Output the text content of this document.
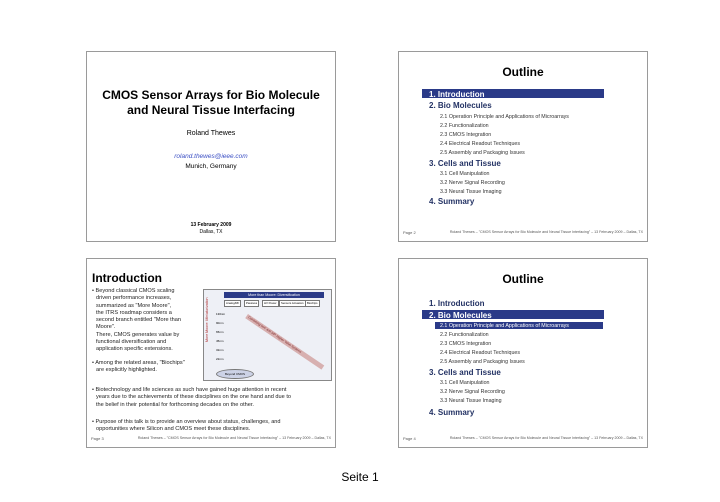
CMOS Sensor Arrays for Bio Molecule
and Neural Tissue Interfacing
Roland Thewes
roland.thewes@ieee.com
Munich, Germany
13 February 2009
Dallas, TX
Outline
1. Introduction
2. Bio Molecules
2.1 Operation Principle and Applications of Microarrays
2.2 Functionalization
2.3 CMOS Integration
2.4 Electrical Readout Techniques
2.5 Assembly and Packaging Issues
3. Cells and Tissue
3.1 Cell Manipulation
3.2 Nerve Signal Recording
3.3 Neural Tissue Imaging
4. Summary
Page 2	Roland Thewes – "CMOS Sensor Arrays for Bio Molecule and Neural Tissue Interfacing" – 13 February 2009 – Dallas, TX
Introduction
• Beyond classical CMOS scaling
driven performance increases,
summarized as "More Moore",
the ITRS roadmap considers a
second branch entitled "More than
Moore".
There, CMOS generates value by
functional diversification and
application specific extensions.
• Among the related areas, "Biochips"
are explicitly highlighted.
More than Moore: Diversification
Analog/RF	Passives	HV Power	Sensors Actuators	Biochips
More Moore: Miniaturization 130nm
90nm
65nm
45nm
32nm
22nm
Combining SoC and SiP: Higher Value Systems
Beyond CMOS
• Biotechnology and life sciences as such have gained huge attention in recent
years due to the achievements of these disciplines on the one hand and due to
the belief in their potential for forthcoming decades on the other.
• Purpose of this talk is to provide an overview about status, challenges, and
opportunities where Silicon and CMOS meet these disciplines.
Page 3	Roland Thewes – "CMOS Sensor Arrays for Bio Molecule and Neural Tissue Interfacing" – 13 February 2009 – Dallas, TX
Outline
1. Introduction
2. Bio Molecules
2.1 Operation Principle and Applications of Microarrays
2.2 Functionalization
2.3 CMOS Integration
2.4 Electrical Readout Techniques
2.5 Assembly and Packaging Issues
3. Cells and Tissue
3.1 Cell Manipulation
3.2 Nerve Signal Recording
3.3 Neural Tissue Imaging
4. Summary
Page 4	Roland Thewes – "CMOS Sensor Arrays for Bio Molecule and Neural Tissue Interfacing" – 13 February 2009 – Dallas, TX
Seite 1
